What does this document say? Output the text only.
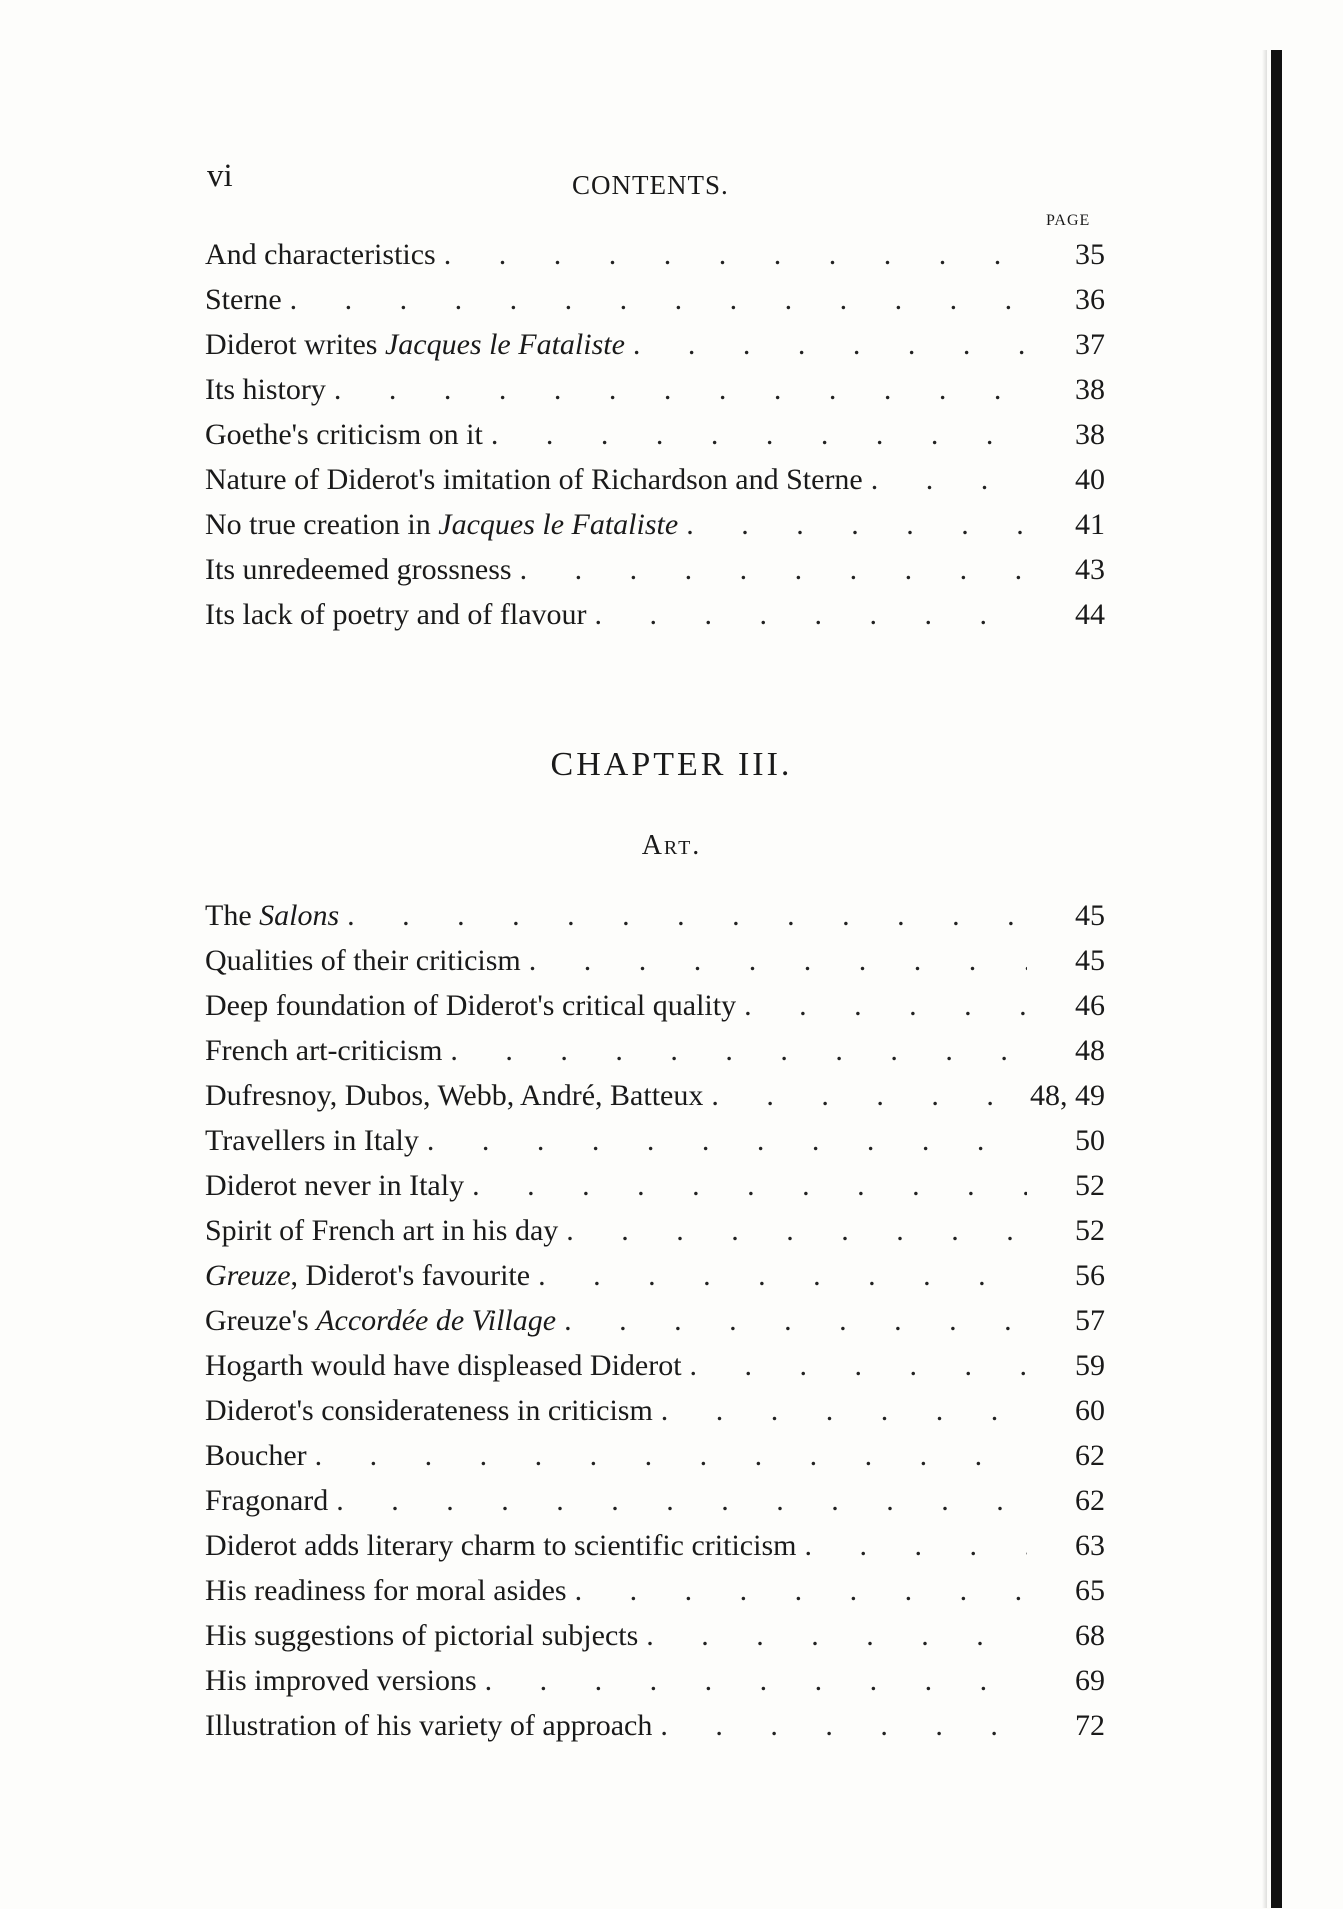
vi	CONTENTS.
PAGE
And characteristics . . .	35
Sterne . . .	36
Diderot writes Jacques le Fataliste . . .	37
Its history . . .	38
Goethe's criticism on it . . .	38
Nature of Diderot's imitation of Richardson and Sterne . . .	40
No true creation in Jacques le Fataliste . . .	41
Its unredeemed grossness . . .	43
Its lack of poetry and of flavour . . .	44
CHAPTER III.
Art.
The Salons . . .	45
Qualities of their criticism . . .	45
Deep foundation of Diderot's critical quality . . .	46
French art-criticism . . .	48
Dufresnoy, Dubos, Webb, André, Batteux . . .	48, 49
Travellers in Italy . . .	50
Diderot never in Italy . . .	52
Spirit of French art in his day . . .	52
Greuze, Diderot's favourite . . .	56
Greuze's Accordée de Village . . .	57
Hogarth would have displeased Diderot . . .	59
Diderot's considerateness in criticism . . .	60
Boucher . . .	62
Fragonard . . .	62
Diderot adds literary charm to scientific criticism . . .	63
His readiness for moral asides . . .	65
His suggestions of pictorial subjects . . .	68
His improved versions . . .	69
Illustration of his variety of approach . . .	72
